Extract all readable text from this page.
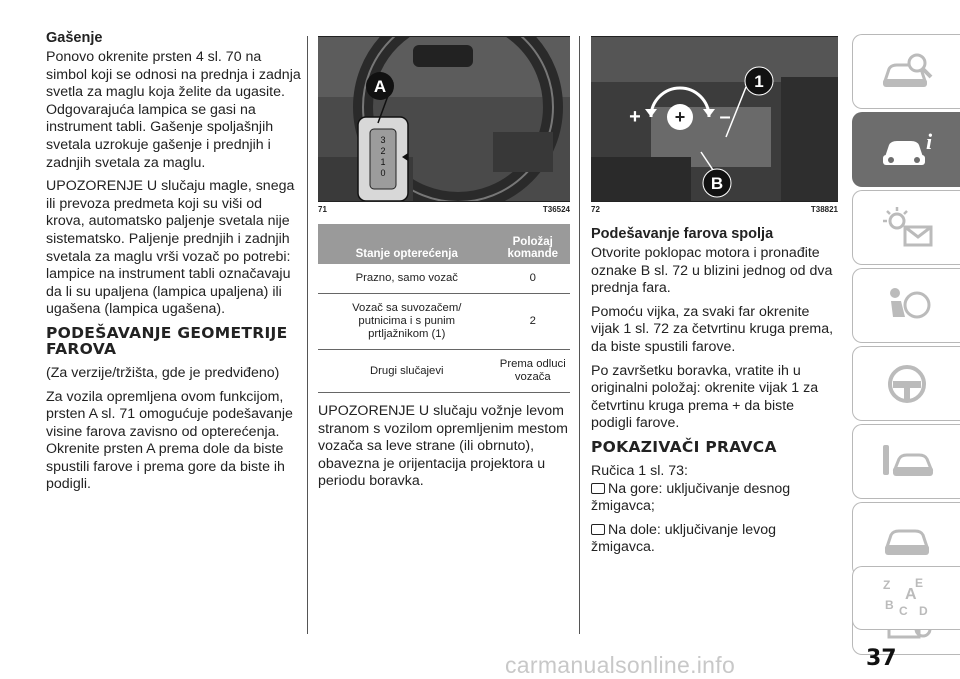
Gašenje

Ponovo okrenite prsten 4 sl. 70 na simbol koji se odnosi na prednja i zadnja svetla za maglu koja želite da ugasite. Odgovarajuća lampica se gasi na instrument tabli. Gašenje spoljašnjih svetala uzrokuje gašenje i prednjih i zadnjih svetala za maglu.

UPOZORENJE U slučaju magle, snega ili prevoza predmeta koji su viši od krova, automatsko paljenje svetala nije sistematsko. Paljenje prednjih i zadnjih svetala za maglu vrši vozač po potrebi: lampice na instrument tabli označavaju da li su upaljena (lampica upaljena) ili ugašena (lampica ugašena).

PODEŠAVANJE GEOMETRIJE FAROVA

(Za verzije/tržišta, gde je predviđeno)

Za vozila opremljena ovom funkcijom, prsten A sl. 71 omogućuje podešavanje visine farova zavisno od opterećenja. Okrenite prsten A prema dole da biste spustili farove i prema gore da biste ih podigli.

3
2
1
0
A
71	T36524
Stanje opterećenja	Položaj komande
Prazno, samo vozač	0
Vozač sa suvozačem/ putnicima i s punim prtljažnikom (1)	2
Drugi slučajevi	Prema odluci vozača

UPOZORENJE U slučaju vožnje levom stranom s vozilom opremljenim mestom vozača sa leve strane (ili obrnuto), obavezna je orijentacija projektora u periodu boravka.

+
+	–
1
B
72	T38821
Podešavanje farova spolja

Otvorite poklopac motora i pronađite oznake B sl. 72 u blizini jednog od dva prednja fara.

Pomoću vijka, za svaki far okrenite vijak 1 sl. 72 za četvrtinu kruga prema, da biste spustili farove.

Po završetku boravka, vratite ih u originalni položaj: okrenite vijak 1 za četvrtinu kruga prema + da biste podigli farove.

POKAZIVAČI PRAVCA

Ručica 1 sl. 73:

Na gore: uključivanje desnog

žmigavca;

Na dole: uključivanje levog žmigavca.

i
Z E
B C D
A
37
carmanualsonline.info
